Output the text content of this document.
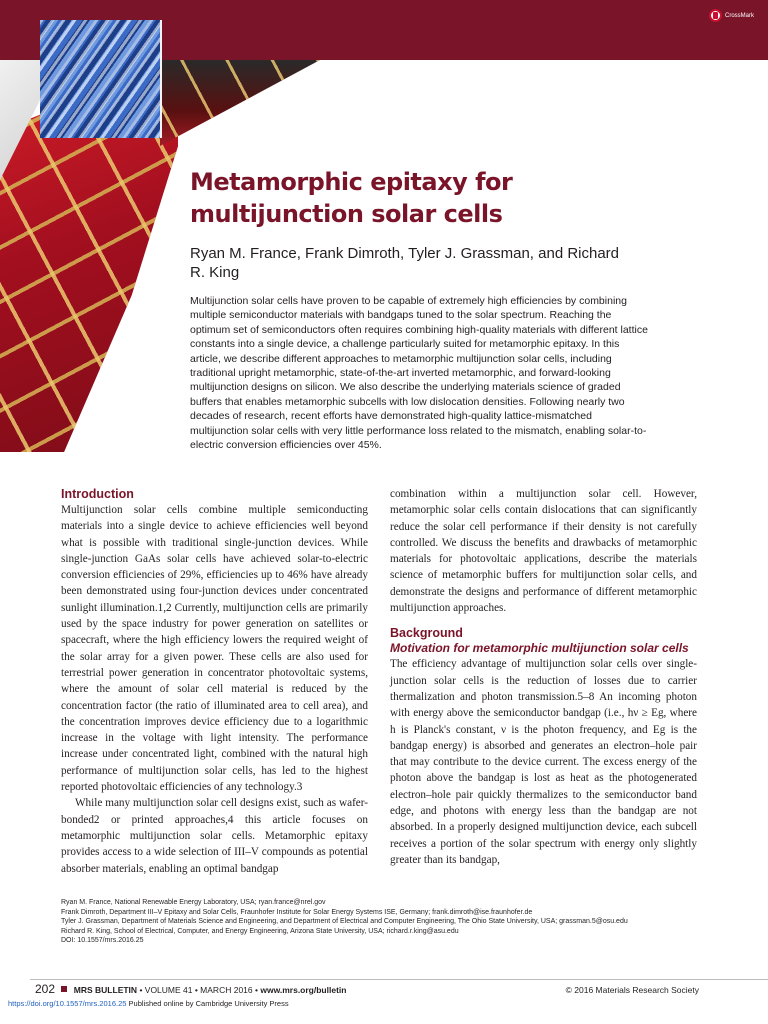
CrossMark
Metamorphic epitaxy for multijunction solar cells
Ryan M. France, Frank Dimroth, Tyler J. Grassman, and Richard R. King

Multijunction solar cells have proven to be capable of extremely high efficiencies by combining multiple semiconductor materials with bandgaps tuned to the solar spectrum. Reaching the optimum set of semiconductors often requires combining high-quality materials with different lattice constants into a single device, a challenge particularly suited for metamorphic epitaxy. In this article, we describe different approaches to metamorphic multijunction solar cells, including traditional upright metamorphic, state-of-the-art inverted metamorphic, and forward-looking multijunction designs on silicon. We also describe the underlying materials science of graded buffers that enables metamorphic subcells with low dislocation densities. Following nearly two decades of research, recent efforts have demonstrated high-quality lattice-mismatched multijunction solar cells with very little performance loss related to the mismatch, enabling solar-to-electric conversion efficiencies over 45%.

Introduction

Multijunction solar cells combine multiple semiconducting materials into a single device to achieve efficiencies well beyond what is possible with traditional single-junction devices. While single-junction GaAs solar cells have achieved solar-to-electric conversion efficiencies of 29%, efficiencies up to 46% have already been demonstrated using four-junction devices under concentrated sunlight illumination.1,2 Currently, multijunction cells are primarily used by the space industry for power generation on satellites or spacecraft, where the high efficiency lowers the required weight of the solar array for a given power. These cells are also used for terrestrial power generation in concentrator photovoltaic systems, where the amount of solar cell material is reduced by the concentration factor (the ratio of illuminated area to cell area), and the concentration improves device efficiency due to a logarithmic increase in the voltage with light intensity. The performance increase under concentrated light, combined with the natural high performance of multijunction solar cells, has led to the highest reported photovoltaic efficiencies of any technology.3

While many multijunction solar cell designs exist, such as wafer-bonded2 or printed approaches,4 this article focuses on metamorphic multijunction solar cells. Metamorphic epitaxy provides access to a wide selection of III–V compounds as potential absorber materials, enabling an optimal bandgap

combination within a multijunction solar cell. However, metamorphic solar cells contain dislocations that can significantly reduce the solar cell performance if their density is not carefully controlled. We discuss the benefits and drawbacks of metamorphic materials for photovoltaic applications, describe the materials science of metamorphic buffers for multijunction solar cells, and demonstrate the designs and performance of different metamorphic multijunction approaches.

Background
Motivation for metamorphic multijunction solar cells

The efficiency advantage of multijunction solar cells over single-junction solar cells is the reduction of losses due to carrier thermalization and photon transmission.5–8 An incoming photon with energy above the semiconductor bandgap (i.e., hν ≥ Eg, where h is Planck's constant, ν is the photon frequency, and Eg is the bandgap energy) is absorbed and generates an electron–hole pair that may contribute to the device current. The excess energy of the photon above the bandgap is lost as heat as the photogenerated electron–hole pair quickly thermalizes to the semiconductor band edge, and photons with energy less than the bandgap are not absorbed. In a properly designed multijunction device, each subcell receives a portion of the solar spectrum with energy only slightly greater than its bandgap,

Ryan M. France, National Renewable Energy Laboratory, USA; ryan.france@nrel.gov
Frank Dimroth, Department III–V Epitaxy and Solar Cells, Fraunhofer Institute for Solar Energy Systems ISE, Germany; frank.dimroth@ise.fraunhofer.de
Tyler J. Grassman, Department of Materials Science and Engineering, and Department of Electrical and Computer Engineering, The Ohio State University, USA; grassman.5@osu.edu
Richard R. King, School of Electrical, Computer, and Energy Engineering, Arizona State University, USA; richard.r.king@asu.edu
DOI: 10.1557/mrs.2016.25
202 MRS BULLETIN • VOLUME 41 • MARCH 2016 • www.mrs.org/bulletin	© 2016 Materials Research Society
https://doi.org/10.1557/mrs.2016.25 Published online by Cambridge University Press
